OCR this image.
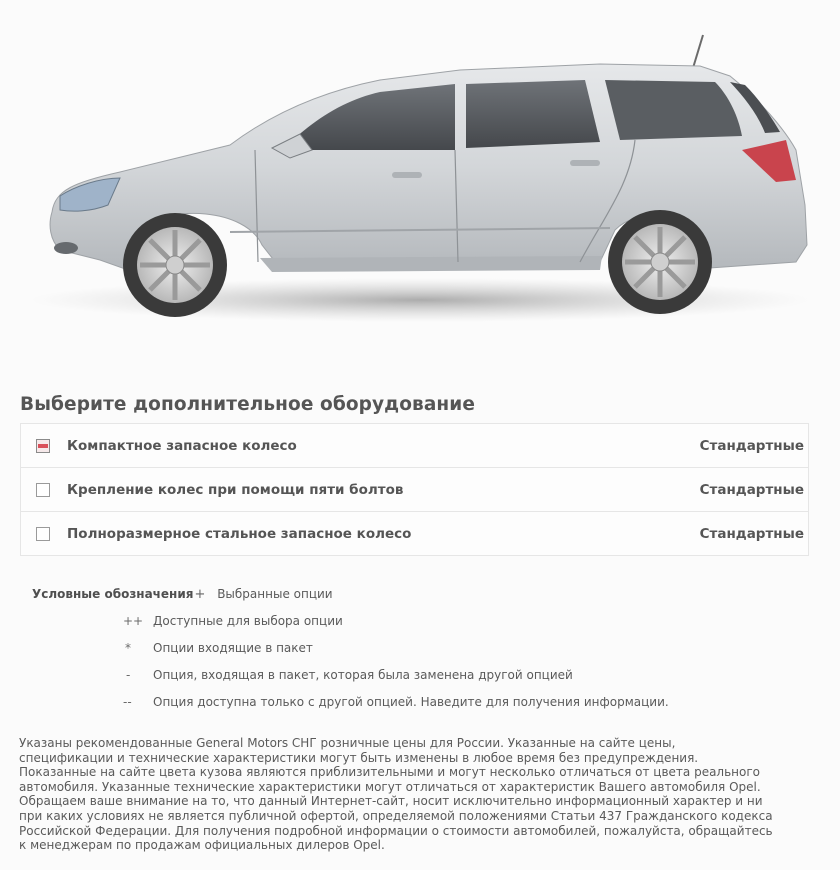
Выберите дополнительное оборудование
Компактное запасное колесо	Стандартные
Крепление колес при помощи пяти болтов	Стандартные
Полноразмерное стальное запасное колесо	Стандартные
Условные обозначения+ Выбранные опции
++ Доступные для выбора опции
*	Опции входящие в пакет
-	Опция, входящая в пакет, которая была заменена другой опцией
--	Опция доступна только с другой опцией. Наведите для получения информации.
Указаны рекомендованные General Motors СНГ розничные цены для России. Указанные на сайте цены,
спецификации и технические характеристики могут быть изменены в любое время без предупреждения.
Показанные на сайте цвета кузова являются приблизительными и могут несколько отличаться от цвета реального
автомобиля. Указанные технические характеристики могут отличаться от характеристик Вашего автомобиля Opel.
Обращаем ваше внимание на то, что данный Интернет-сайт, носит исключительно информационный характер и ни
при каких условиях не является публичной офертой, определяемой положениями Статьи 437 Гражданского кодекса
Российской Федерации. Для получения подробной информации о стоимости автомобилей, пожалуйста, обращайтесь
к менеджерам по продажам официальных дилеров Opel.
